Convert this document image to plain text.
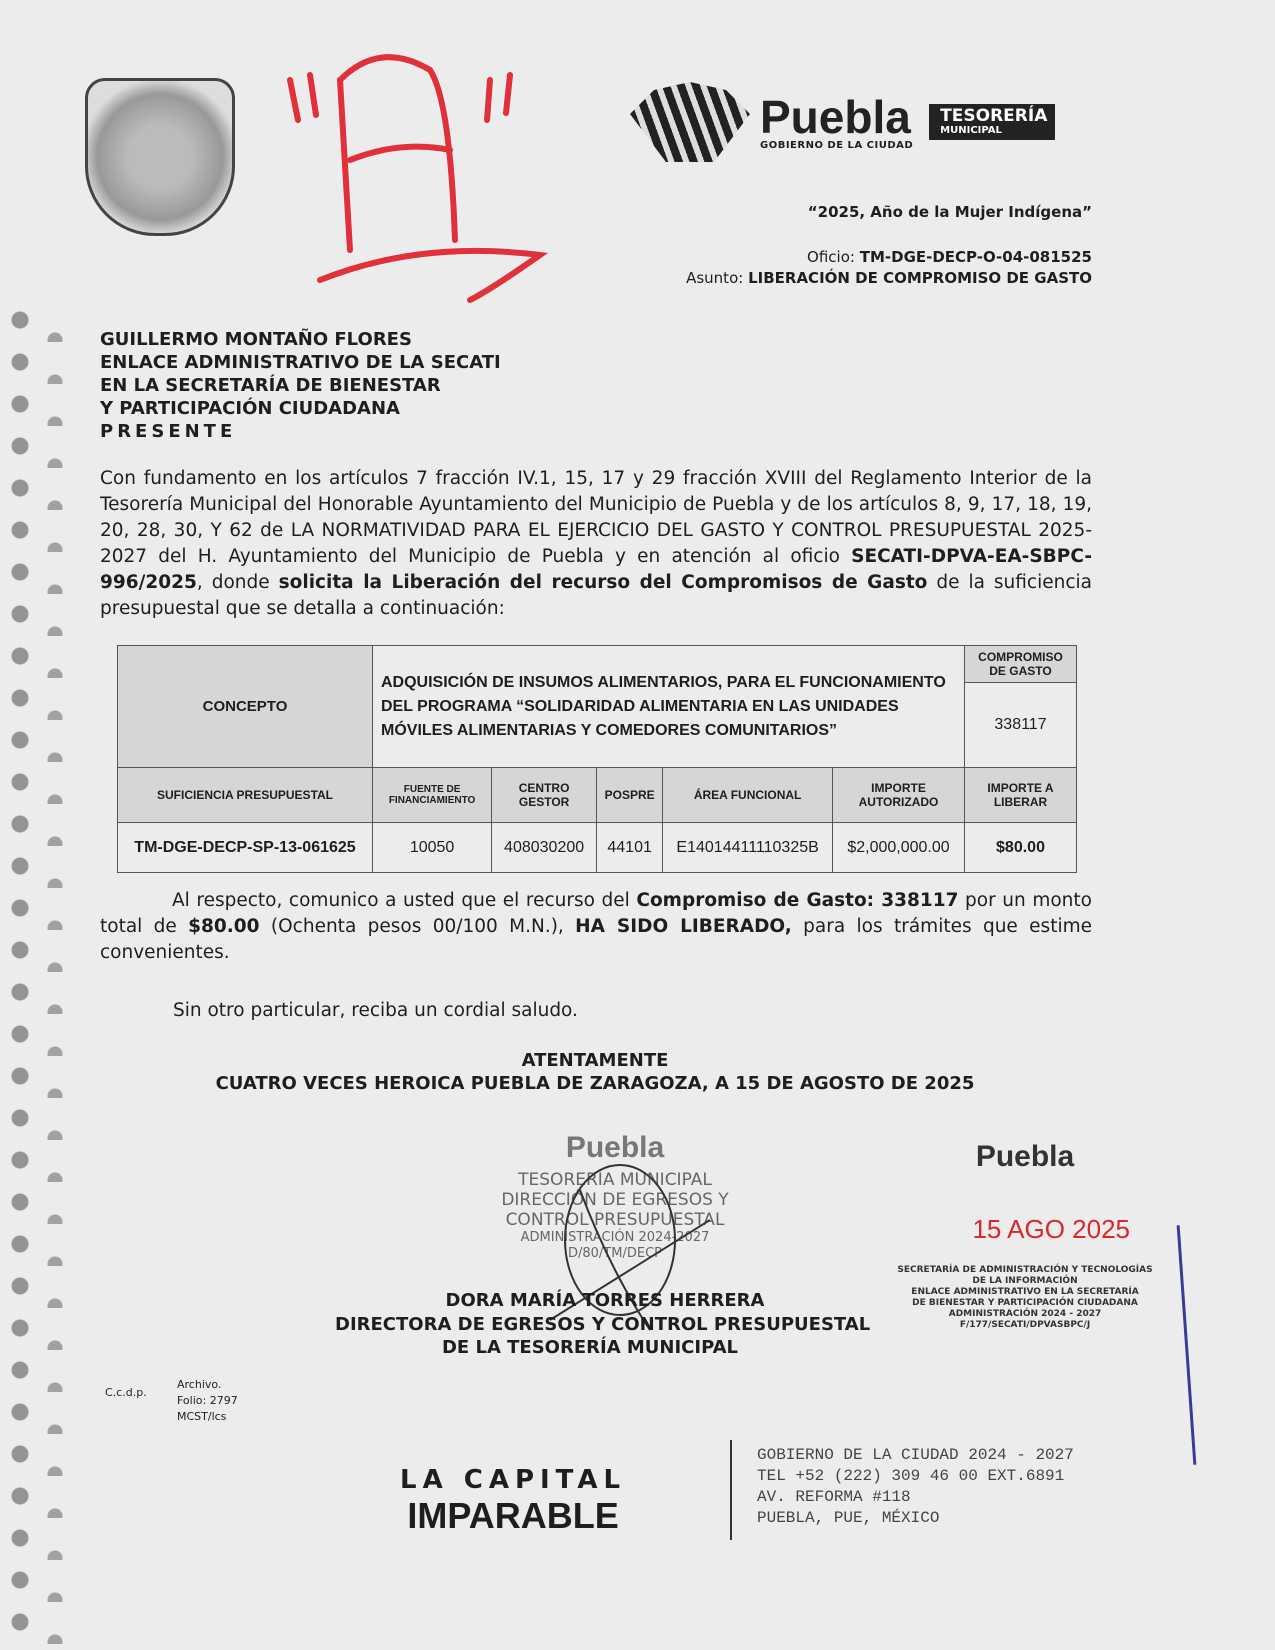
Puebla
GOBIERNO DE LA CIUDAD
TESORERÍA
MUNICIPAL
“2025, Año de la Mujer Indígena”
Oficio: TM-DGE-DECP-O-04-081525
Asunto: LIBERACIÓN DE COMPROMISO DE GASTO
GUILLERMO MONTAÑO FLORES
ENLACE ADMINISTRATIVO DE LA SECATI
EN LA SECRETARÍA DE BIENESTAR
Y PARTICIPACIÓN CIUDADANA
PRESENTE

Con fundamento en los artículos 7 fracción IV.1, 15, 17 y 29 fracción XVIII del Reglamento Interior de la Tesorería Municipal del Honorable Ayuntamiento del Municipio de Puebla y de los artículos 8, 9, 17, 18, 19, 20, 28, 30, Y 62 de LA NORMATIVIDAD PARA EL EJERCICIO DEL GASTO Y CONTROL PRESUPUESTAL 2025-2027 del H. Ayuntamiento del Municipio de Puebla y en atención al oficio SECATI-DPVA-EA-SBPC-996/2025, donde solicita la Liberación del recurso del Compromisos de Gasto de la suficiencia presupuestal que se detalla a continuación:

CONCEPTO	ADQUISICIÓN DE INSUMOS ALIMENTARIOS, PARA EL FUNCIONAMIENTO DEL PROGRAMA “SOLIDARIDAD ALIMENTARIA EN LAS UNIDADES MÓVILES ALIMENTARIAS Y COMEDORES COMUNITARIOS”					COMPROMISO DE GASTO
						338117
SUFICIENCIA PRESUPUESTAL	FUENTE DE FINANCIAMIENTO	CENTRO GESTOR	POSPRE	ÁREA FUNCIONAL	IMPORTE AUTORIZADO	IMPORTE A LIBERAR
TM-DGE-DECP-SP-13-061625	10050	408030200	44101	E14014411110325B	$2,000,000.00	$80.00

Al respecto, comunico a usted que el recurso del Compromiso de Gasto: 338117 por un monto total de $80.00 (Ochenta pesos 00/100 M.N.), HA SIDO LIBERADO, para los trámites que estime convenientes.

Sin otro particular, reciba un cordial saludo.

ATENTAMENTE
CUATRO VECES HEROICA PUEBLA DE ZARAGOZA, A 15 DE AGOSTO DE 2025
Puebla
TESORERÍA MUNICIPAL
DIRECCIÓN DE EGRESOS Y
CONTROL PRESUPUESTAL
ADMINISTRACIÓN 2024-2027
D/80/TM/DECP
Puebla
15 AGO 2025
SECRETARÍA DE ADMINISTRACIÓN Y TECNOLOGÍAS
DE LA INFORMACIÓN
ENLACE ADMINISTRATIVO EN LA SECRETARÍA
DE BIENESTAR Y PARTICIPACIÓN CIUDADANA
ADMINISTRACIÓN 2024 - 2027
F/177/SECATI/DPVASBPC/J
DORA MARÍA TORRES HERRERA
DIRECTORA DE EGRESOS Y CONTROL PRESUPUESTAL
DE LA TESORERÍA MUNICIPAL
C.c.d.p.
Archivo.
Folio: 2797
MCST/lcs
LA CAPITAL
IMPARABLE
GOBIERNO DE LA CIUDAD 2024 - 2027
TEL +52 (222) 309 46 00 EXT.6891
AV. REFORMA #118
PUEBLA, PUE, MÉXICO
